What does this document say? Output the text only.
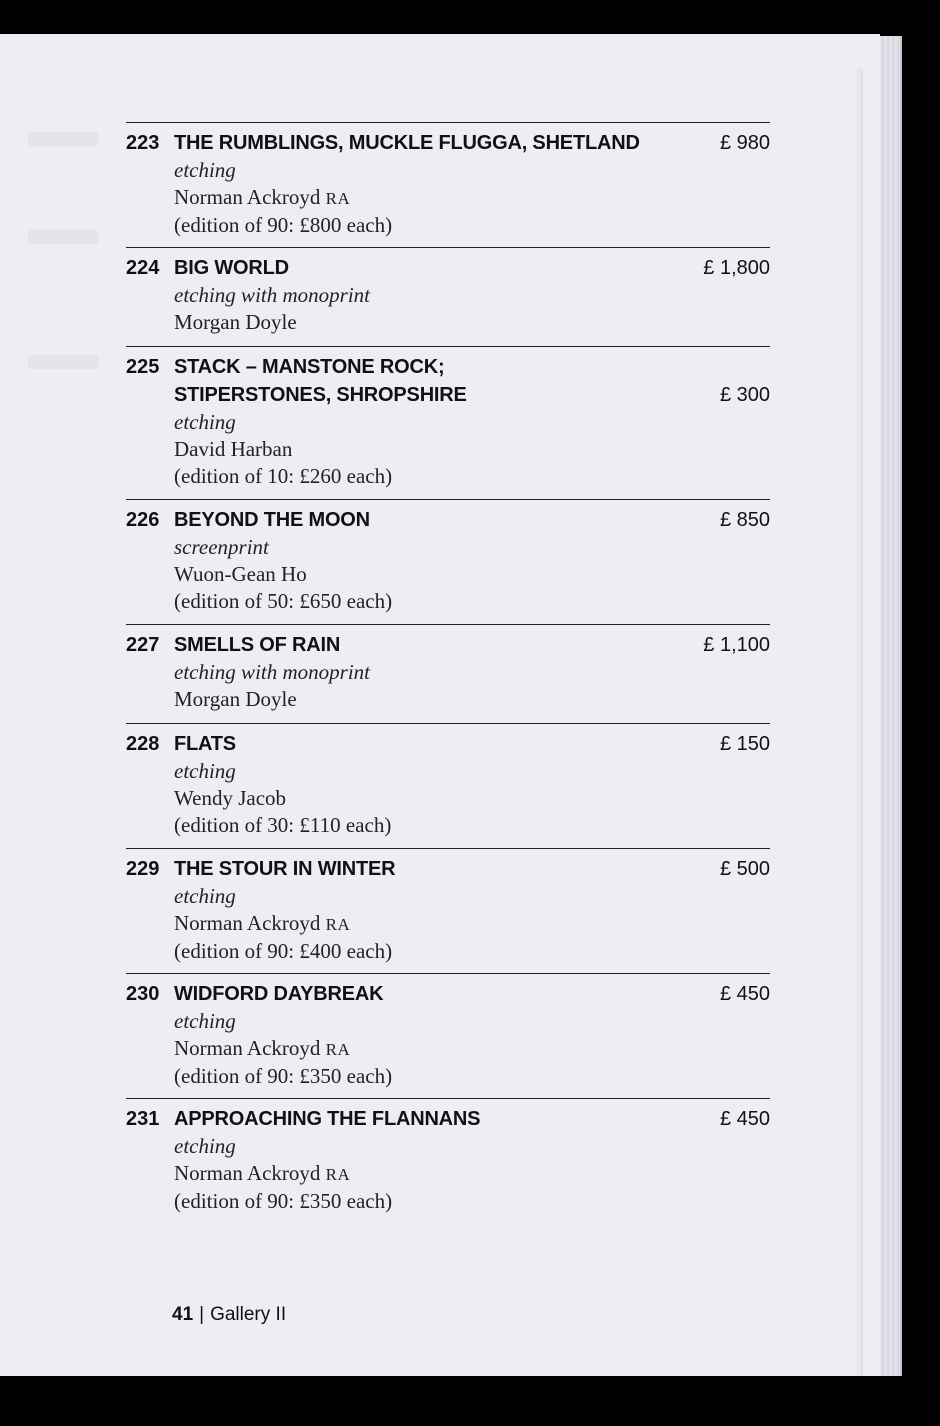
223 THE RUMBLINGS, MUCKLE FLUGGA, SHETLAND	£ 980
etching
Norman Ackroyd RA
(edition of 90: £800 each)
224 BIG WORLD	£ 1,800
etching with monoprint
Morgan Doyle
225 STACK – MANSTONE ROCK;
STIPERSTONES, SHROPSHIRE	£ 300
etching
David Harban
(edition of 10: £260 each)
226 BEYOND THE MOON	£ 850
screenprint
Wuon-Gean Ho
(edition of 50: £650 each)
227 SMELLS OF RAIN	£ 1,100
etching with monoprint
Morgan Doyle
228 FLATS	£ 150
etching
Wendy Jacob
(edition of 30: £110 each)
229 THE STOUR IN WINTER	£ 500
etching
Norman Ackroyd RA
(edition of 90: £400 each)
230 WIDFORD DAYBREAK	£ 450
etching
Norman Ackroyd RA
(edition of 90: £350 each)
231 APPROACHING THE FLANNANS	£ 450
etching
Norman Ackroyd RA
(edition of 90: £350 each)
41 | Gallery II
